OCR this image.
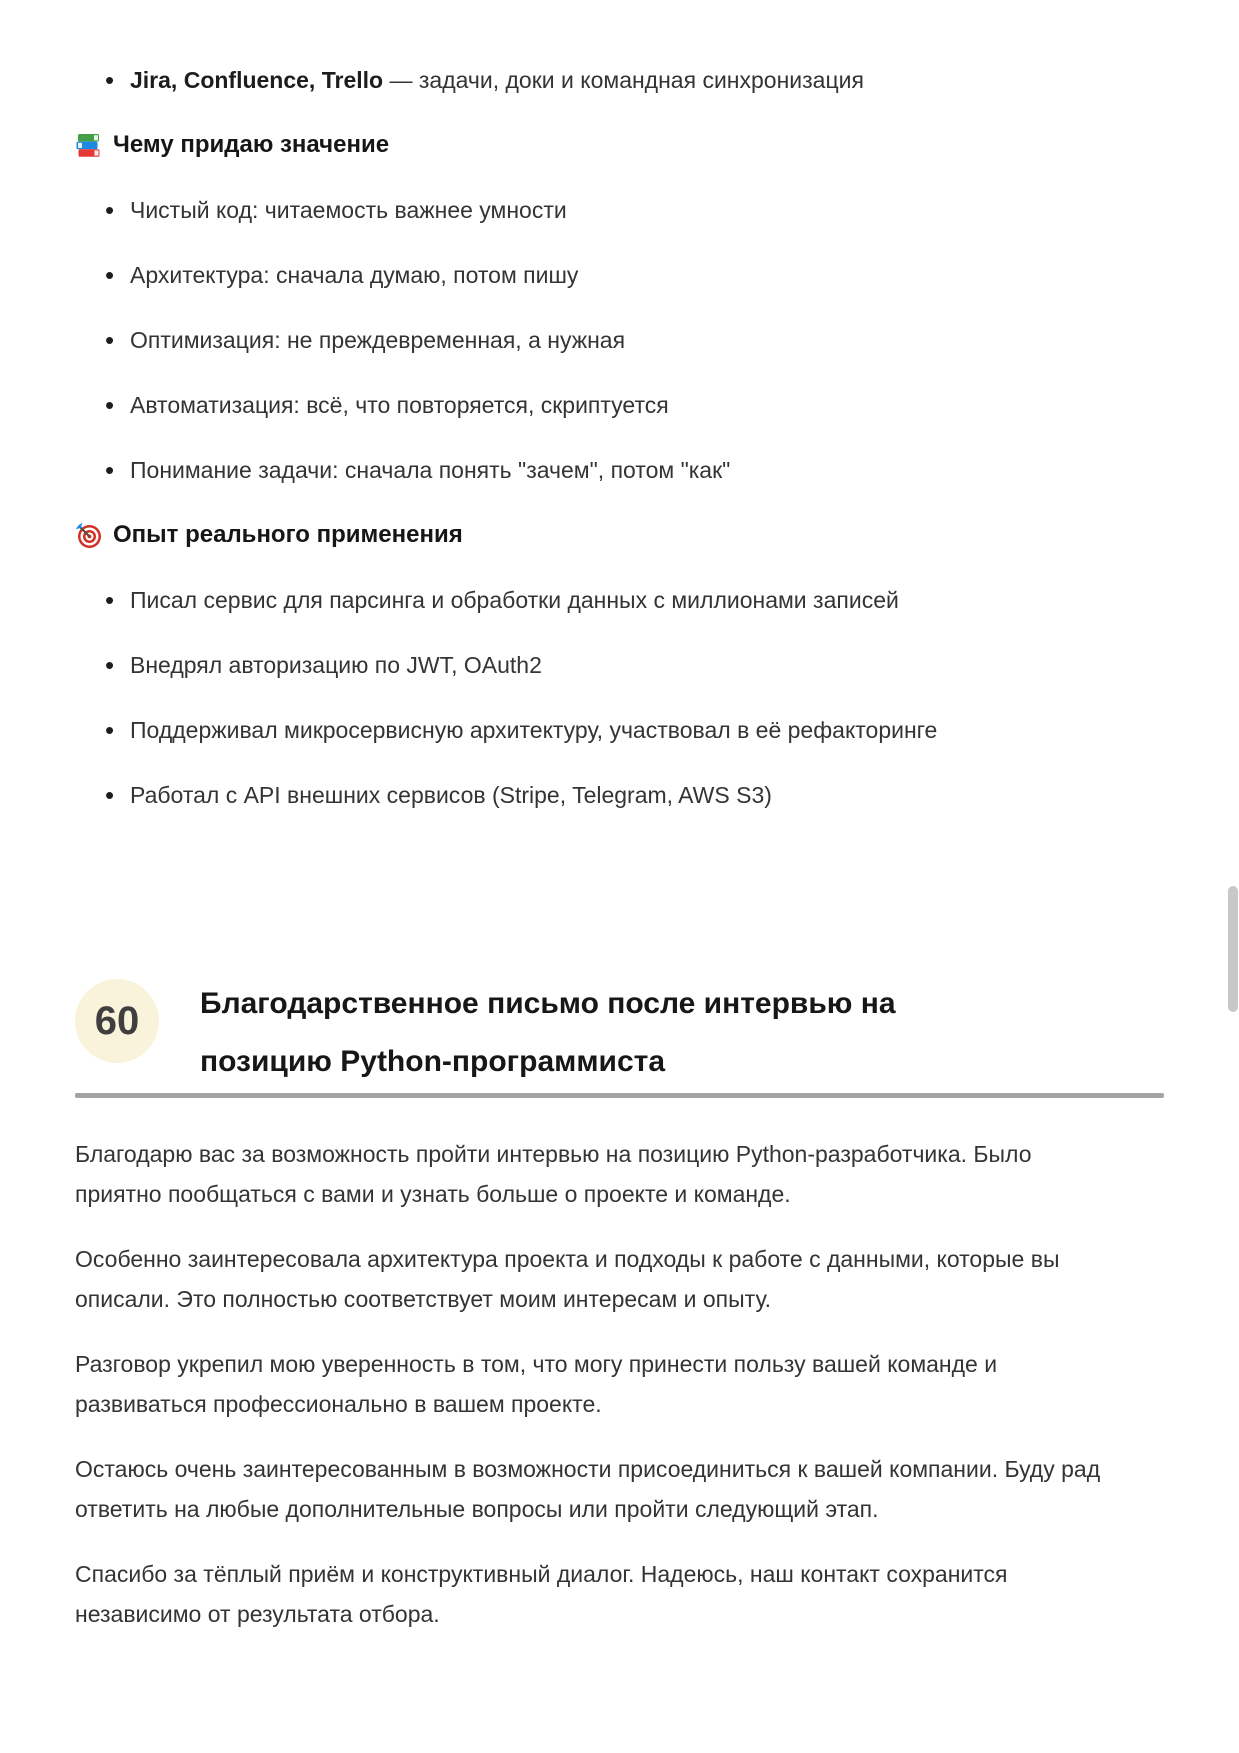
• Jira, Confluence, Trello — задачи, доки и командная синхронизация
Чему придаю значение
• Чистый код: читаемость важнее умности
• Архитектура: сначала думаю, потом пишу
• Оптимизация: не преждевременная, а нужная
• Автоматизация: всё, что повторяется, скриптуется
• Понимание задачи: сначала понять "зачем", потом "как"
Опыт реального применения
• Писал сервис для парсинга и обработки данных с миллионами записей
• Внедрял авторизацию по JWT, OAuth2
• Поддерживал микросервисную архитектуру, участвовал в её рефакторинге
• Работал с API внешних сервисов (Stripe, Telegram, AWS S3)
60	Благодарственное письмо после интервью на позицию Python-программиста

Благодарю вас за возможность пройти интервью на позицию Python-разработчика. Было приятно пообщаться с вами и узнать больше о проекте и команде.

Особенно заинтересовала архитектура проекта и подходы к работе с данными, которые вы описали. Это полностью соответствует моим интересам и опыту.

Разговор укрепил мою уверенность в том, что могу принести пользу вашей команде и развиваться профессионально в вашем проекте.

Остаюсь очень заинтересованным в возможности присоединиться к вашей компании. Буду рад ответить на любые дополнительные вопросы или пройти следующий этап.

Спасибо за тёплый приём и конструктивный диалог. Надеюсь, наш контакт сохранится независимо от результата отбора.
